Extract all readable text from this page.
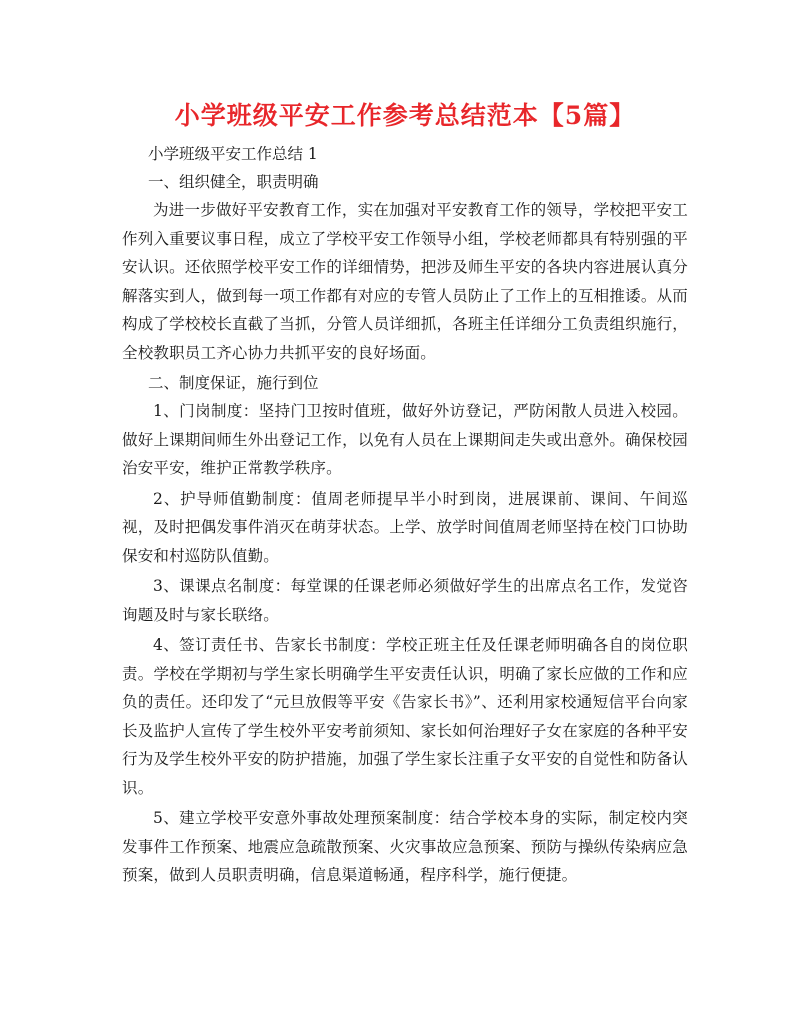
小学班级平安工作参考总结范本【5篇】

小学班级平安工作总结 1

一、组织健全，职责明确

为进一步做好平安教育工作，实在加强对平安教育工作的领导，学校把平安工作列入重要议事日程，成立了学校平安工作领导小组，学校老师都具有特别强的平安认识。还依照学校平安工作的详细情势，把涉及师生平安的各块内容进展认真分解落实到人，做到每一项工作都有对应的专管人员防止了工作上的互相推诿。从而构成了学校校长直截了当抓，分管人员详细抓，各班主任详细分工负责组织施行，全校教职员工齐心协力共抓平安的良好场面。

二、制度保证，施行到位

1、门岗制度：坚持门卫按时值班，做好外访登记，严防闲散人员进入校园。做好上课期间师生外出登记工作，以免有人员在上课期间走失或出意外。确保校园治安平安，维护正常教学秩序。

2、护导师值勤制度：值周老师提早半小时到岗，进展课前、课间、午间巡视，及时把偶发事件消灭在萌芽状态。上学、放学时间值周老师坚持在校门口协助保安和村巡防队值勤。

3、课课点名制度：每堂课的任课老师必须做好学生的出席点名工作，发觉咨询题及时与家长联络。

4、签订责任书、告家长书制度：学校正班主任及任课老师明确各自的岗位职责。学校在学期初与学生家长明确学生平安责任认识，明确了家长应做的工作和应负的责任。还印发了“元旦放假等平安《告家长书》”、还利用家校通短信平台向家长及监护人宣传了学生校外平安考前须知、家长如何治理好子女在家庭的各种平安行为及学生校外平安的防护措施，加强了学生家长注重子女平安的自觉性和防备认识。

5、建立学校平安意外事故处理预案制度：结合学校本身的实际，制定校内突发事件工作预案、地震应急疏散预案、火灾事故应急预案、预防与操纵传染病应急预案，做到人员职责明确，信息渠道畅通，程序科学，施行便捷。
